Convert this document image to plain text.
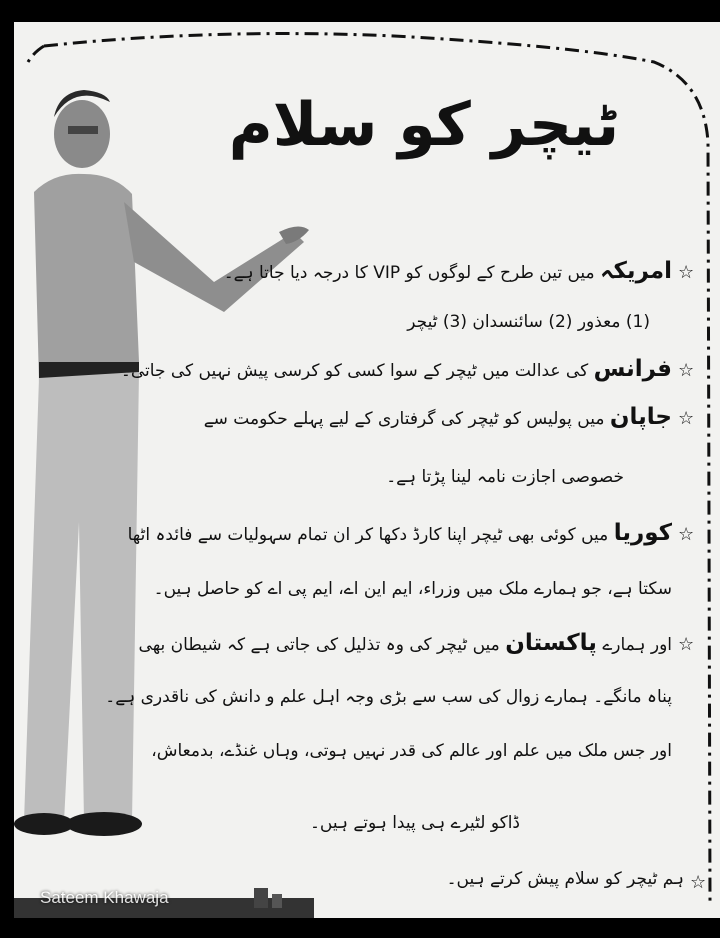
ٹیچر کو سلام
☆
امریکہ میں تین طرح کے لوگوں کو VIP کا درجہ دیا جاتا ہے۔
(1) معذور (2) سائنسدان (3) ٹیچر
☆
فرانس کی عدالت میں ٹیچر کے سوا کسی کو کرسی پیش نہیں کی جاتی۔
☆
جاپان میں پولیس کو ٹیچر کی گرفتاری کے لیے پہلے حکومت سے
خصوصی اجازت نامہ لینا پڑتا ہے۔
☆
کوریا میں کوئی بھی ٹیچر اپنا کارڈ دکھا کر ان تمام سہولیات سے فائدہ اٹھا
سکتا ہے، جو ہمارے ملک میں وزراء، ایم این اے، ایم پی اے کو حاصل ہیں۔
☆
اور ہمارے پاکستان میں ٹیچر کی وہ تذلیل کی جاتی ہے کہ شیطان بھی
پناہ مانگے۔ ہمارے زوال کی سب سے بڑی وجہ اہل علم و دانش کی ناقدری ہے۔
اور جس ملک میں علم اور عالم کی قدر نہیں ہوتی، وہاں غنڈے، بدمعاش،
ڈاکو لٹیرے ہی پیدا ہوتے ہیں۔
☆
ہم ٹیچر کو سلام پیش کرتے ہیں۔
Sateem Khawaja
